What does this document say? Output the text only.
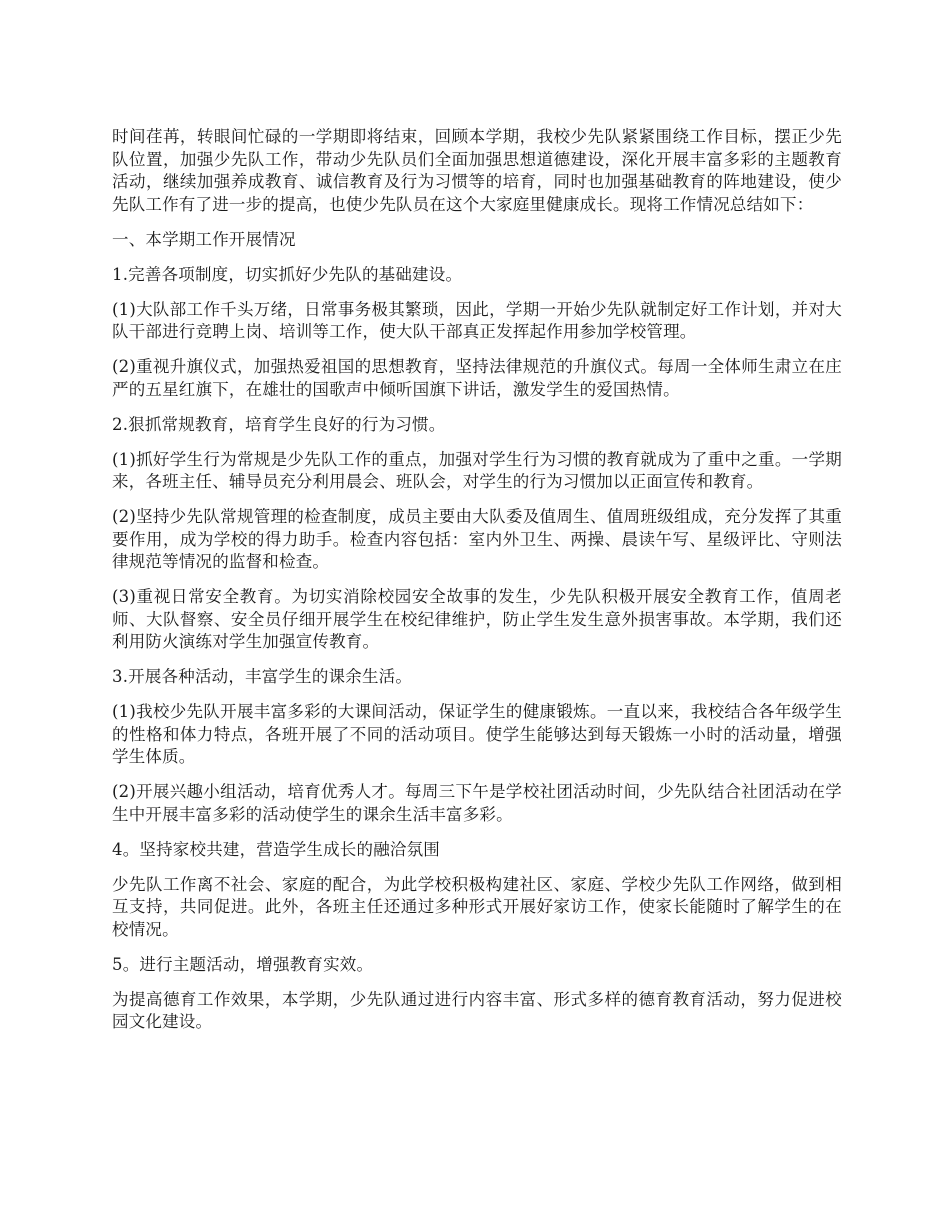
时间荏苒，转眼间忙碌的一学期即将结束，回顾本学期，我校少先队紧紧围绕工作目标，摆正少先队位置，加强少先队工作，带动少先队员们全面加强思想道德建设，深化开展丰富多彩的主题教育活动，继续加强养成教育、诚信教育及行为习惯等的培育，同时也加强基础教育的阵地建设，使少先队工作有了进一步的提高，也使少先队员在这个大家庭里健康成长。现将工作情况总结如下：

一、本学期工作开展情况

1.完善各项制度，切实抓好少先队的基础建设。

(1)大队部工作千头万绪，日常事务极其繁琐，因此，学期一开始少先队就制定好工作计划，并对大队干部进行竞聘上岗、培训等工作，使大队干部真正发挥起作用参加学校管理。

(2)重视升旗仪式，加强热爱祖国的思想教育，坚持法律规范的升旗仪式。每周一全体师生肃立在庄严的五星红旗下，在雄壮的国歌声中倾听国旗下讲话，激发学生的爱国热情。

2.狠抓常规教育，培育学生良好的行为习惯。

(1)抓好学生行为常规是少先队工作的重点，加强对学生行为习惯的教育就成为了重中之重。一学期来，各班主任、辅导员充分利用晨会、班队会，对学生的行为习惯加以正面宣传和教育。

(2)坚持少先队常规管理的检查制度，成员主要由大队委及值周生、值周班级组成，充分发挥了其重要作用，成为学校的得力助手。检查内容包括：室内外卫生、两操、晨读午写、星级评比、守则法律规范等情况的监督和检查。

(3)重视日常安全教育。为切实消除校园安全故事的发生，少先队积极开展安全教育工作，值周老师、大队督察、安全员仔细开展学生在校纪律维护，防止学生发生意外损害事故。本学期，我们还利用防火演练对学生加强宣传教育。

3.开展各种活动，丰富学生的课余生活。

(1)我校少先队开展丰富多彩的大课间活动，保证学生的健康锻炼。一直以来，我校结合各年级学生的性格和体力特点，各班开展了不同的活动项目。使学生能够达到每天锻炼一小时的活动量，增强学生体质。

(2)开展兴趣小组活动，培育优秀人才。每周三下午是学校社团活动时间，少先队结合社团活动在学生中开展丰富多彩的活动使学生的课余生活丰富多彩。

4。坚持家校共建，营造学生成长的融洽氛围

少先队工作离不社会、家庭的配合，为此学校积极构建社区、家庭、学校少先队工作网络，做到相互支持，共同促进。此外，各班主任还通过多种形式开展好家访工作，使家长能随时了解学生的在校情况。

5。进行主题活动，增强教育实效。

为提高德育工作效果，本学期，少先队通过进行内容丰富、形式多样的德育教育活动，努力促进校园文化建设。
